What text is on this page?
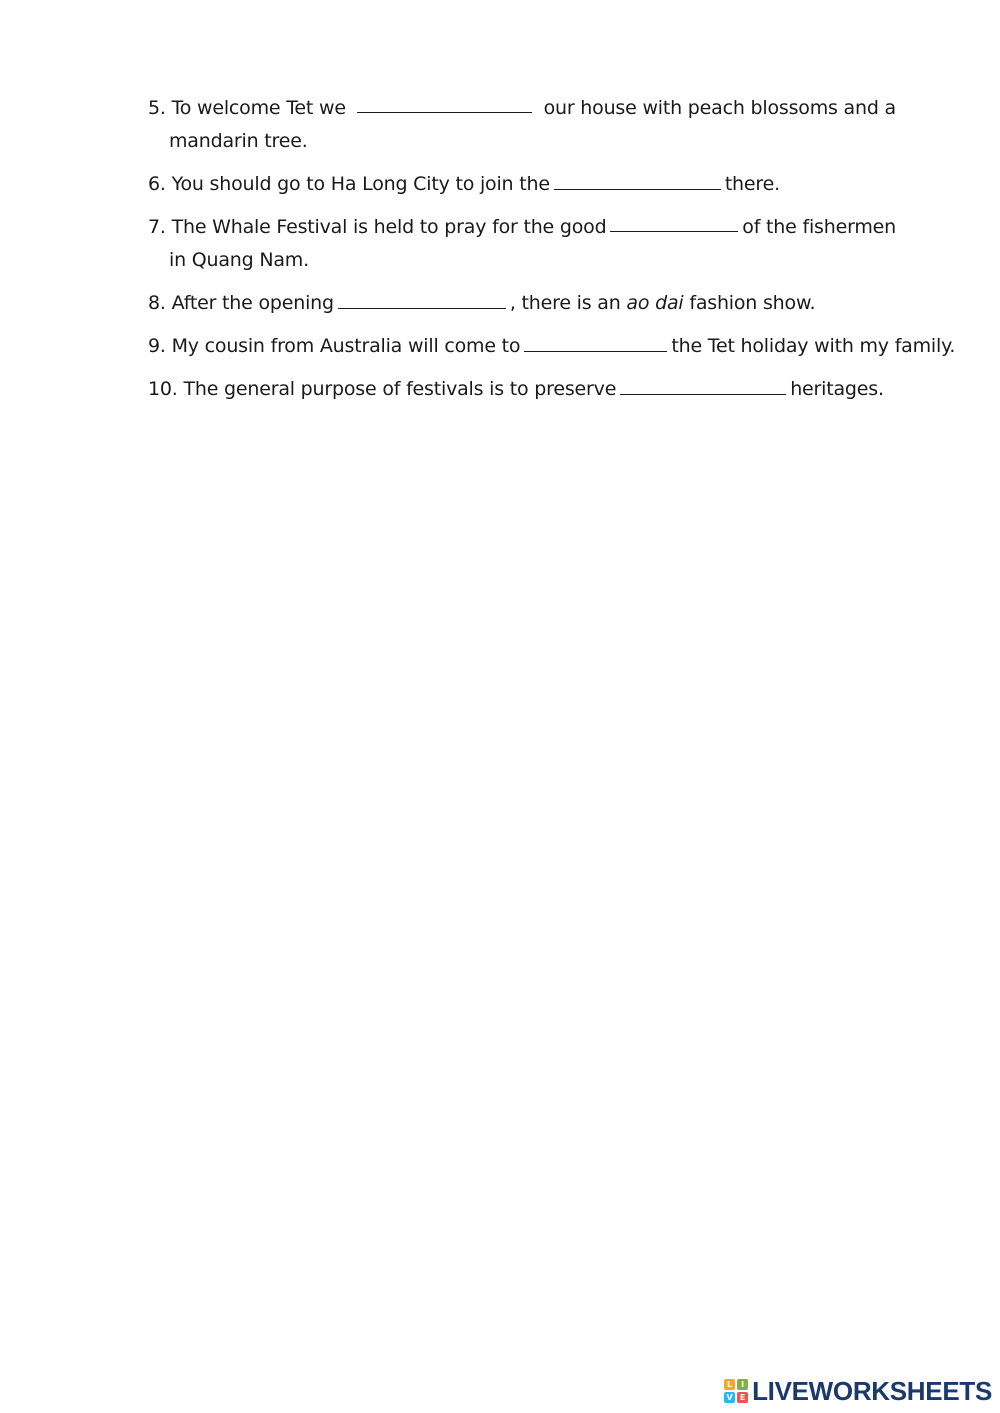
5. To welcome Tet we	our house with peach blossoms and a
mandarin tree.
6. You should go to Ha Long City to join the	there.
7. The Whale Festival is held to pray for the good	of the fishermen
in Quang Nam.
8. After the opening	, there is an ao dai fashion show.
9. My cousin from Australia will come to	the Tet holiday with my family.
10. The general purpose of festivals is to preserve	heritages.
L	I
V E LIVEWORKSHEETS
